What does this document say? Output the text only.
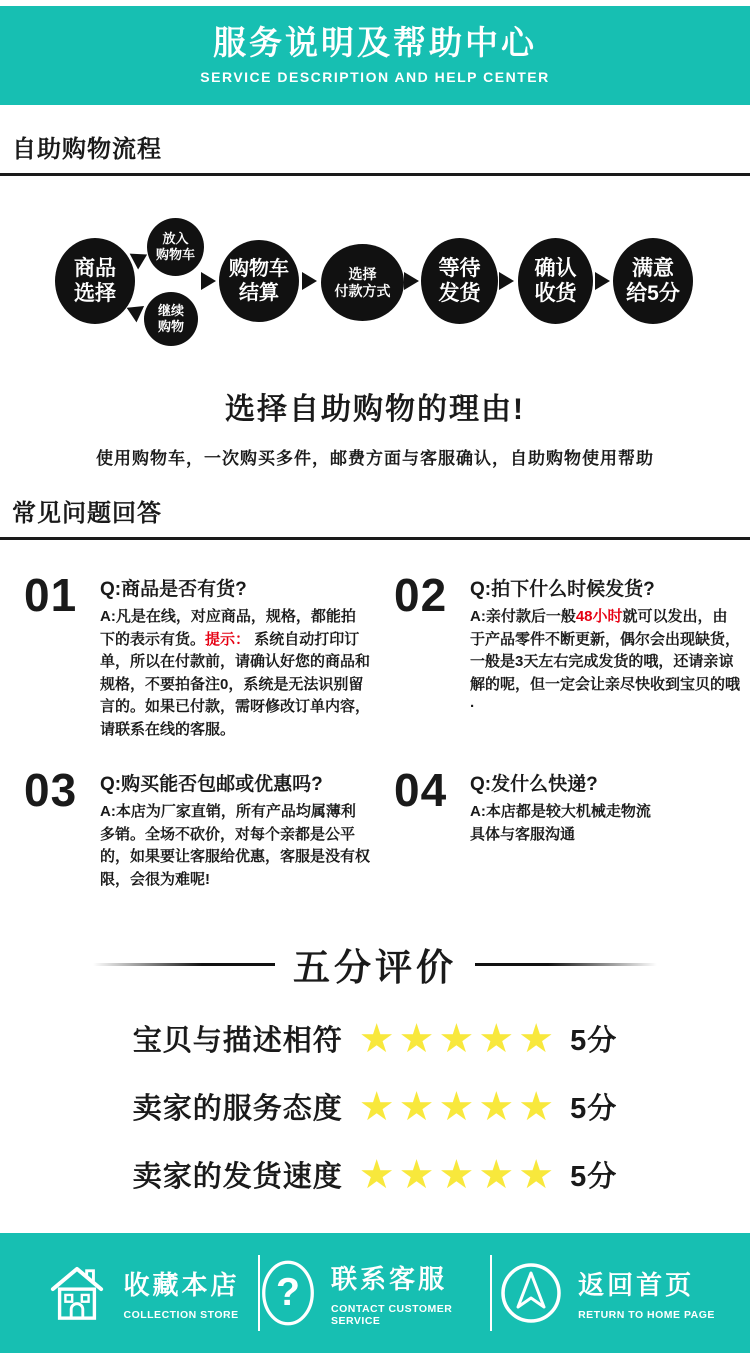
服务说明及帮助中心
SERVICE DESCRIPTION AND HELP CENTER
自助购物流程
商品
选择
放入
购物车
继续
购物
购物车
结算
选择
付款方式
等待
发货
确认
收货
满意
给5分
选择自助购物的理由!
使用购物车，一次购买多件，邮费方面与客服确认，自助购物使用帮助
常见问题回答
01	Q:商品是否有货?
A:凡是在线，对应商品，规格，都能拍下的表示有货。提示： 系统自动打印订单，所以在付款前，请确认好您的商品和规格，不要拍备注0，系统是无法识别留言的。如果已付款，需呀修改订单内容，请联系在线的客服。
02	Q:拍下什么时候发货?
A:亲付款后一般48小时就可以发出，由于产品零件不断更新，偶尔会出现缺货，一般是3天左右完成发货的哦，还请亲谅解的呢，但一定会让亲尽快收到宝贝的哦·
03	Q:购买能否包邮或优惠吗?
A:本店为厂家直销，所有产品均属薄利多销。全场不砍价，对每个亲都是公平的，如果要让客服给优惠，客服是没有权限，会很为难呢!
04	Q:发什么快递?
A:本店都是较大机械走物流
具体与客服沟通
五分评价
宝贝与描述相符 ★ ★ ★ ★ ★ 5分
卖家的服务态度 ★ ★ ★ ★ ★ 5分
卖家的发货速度 ★ ★ ★ ★ ★ 5分
收藏本店
COLLECTION STORE
? 联系客服
CONTACT CUSTOMER SERVICE
返回首页
RETURN TO HOME PAGE
